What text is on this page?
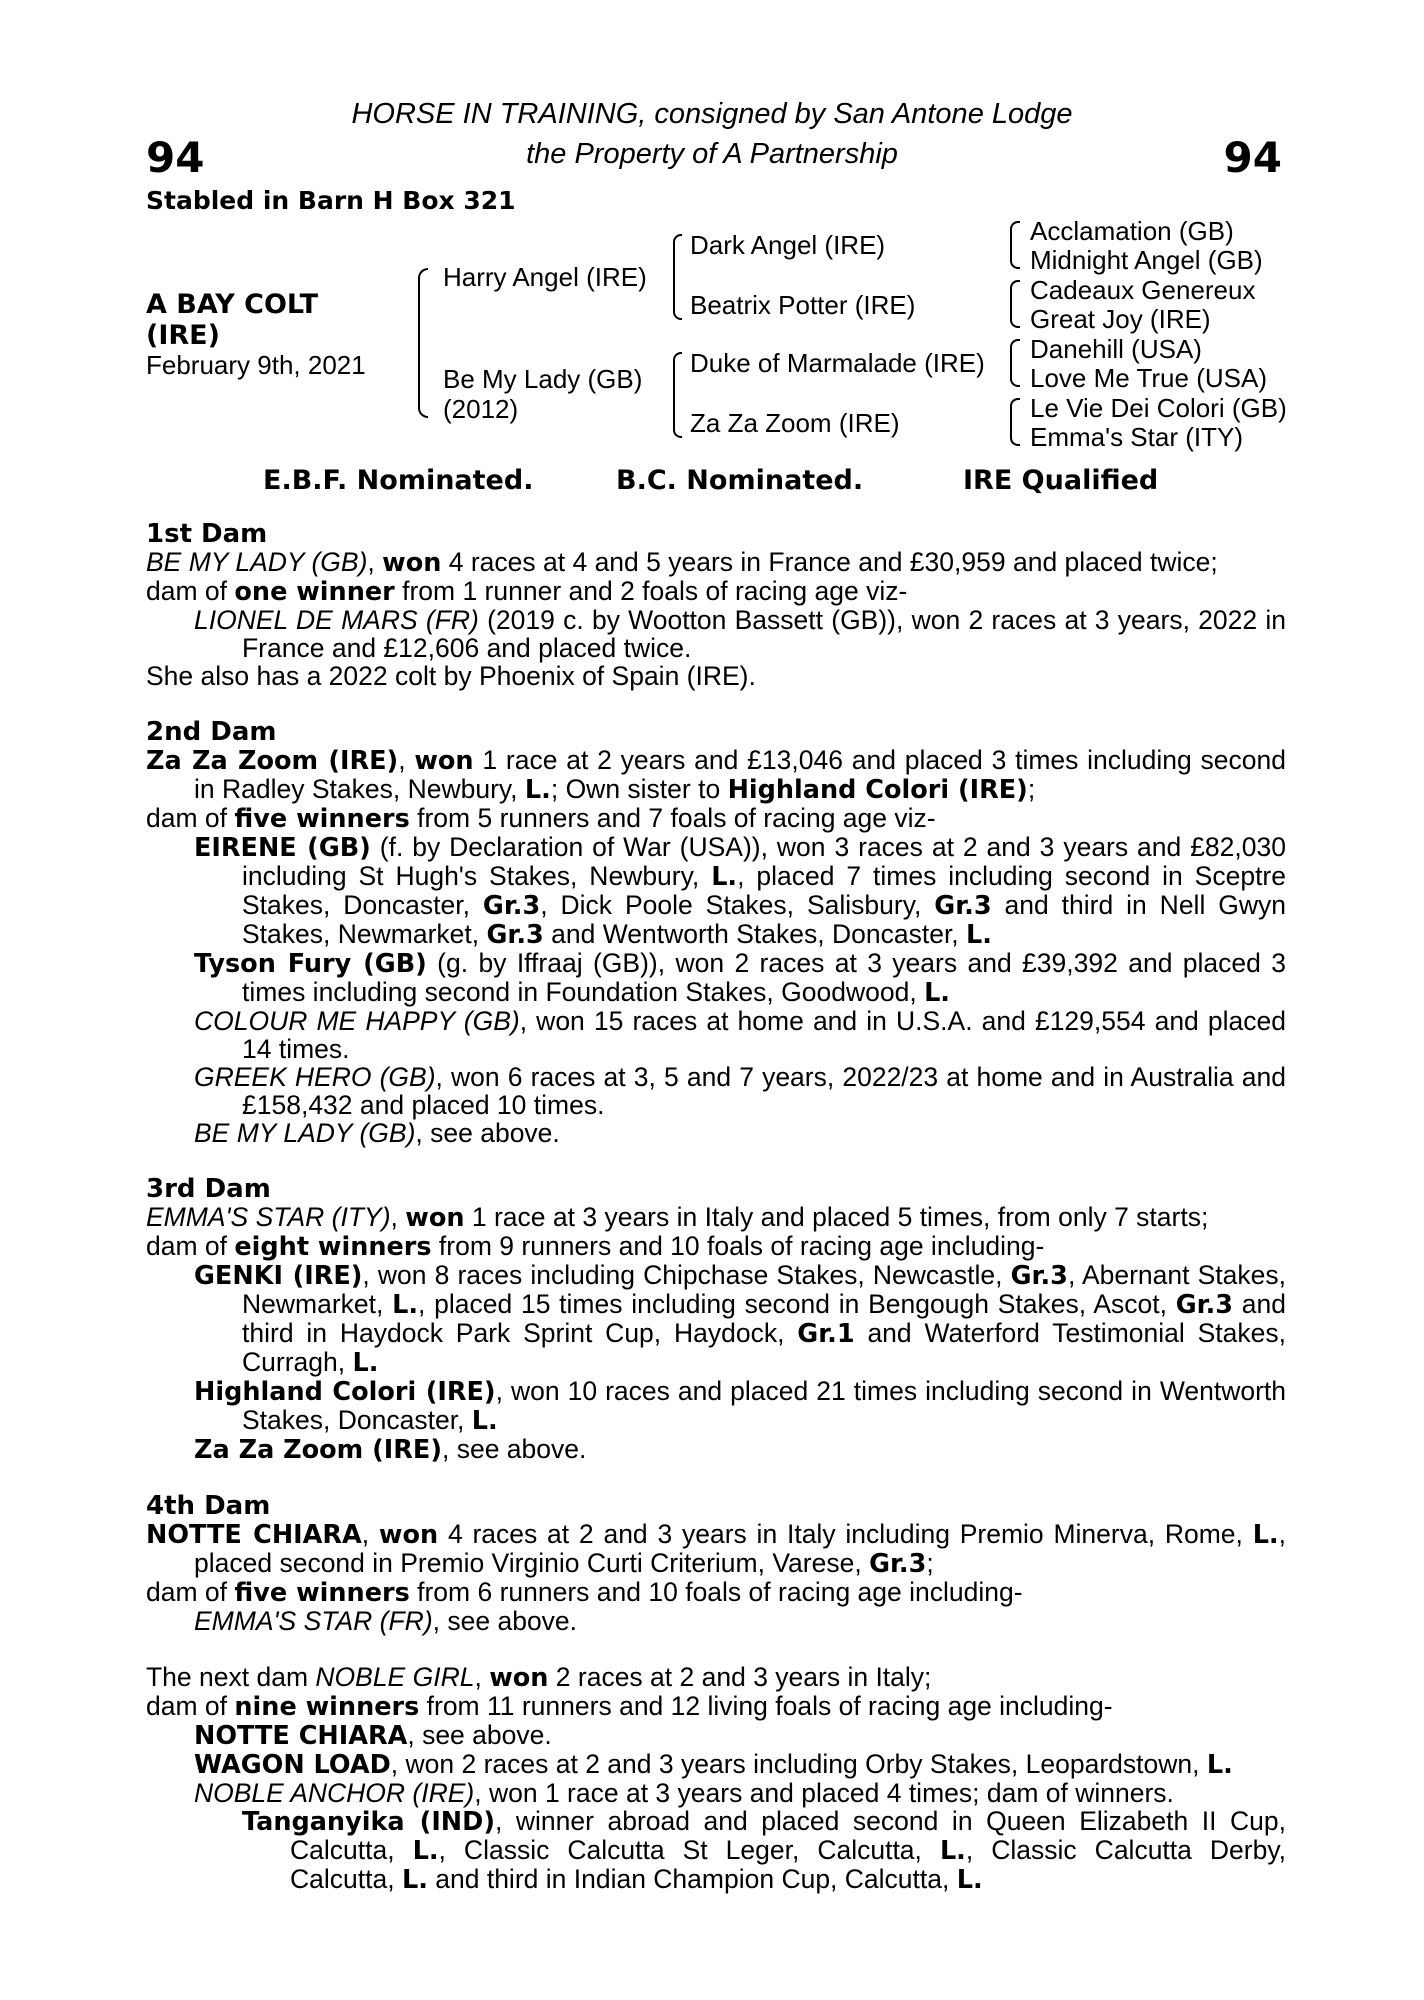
94	94
HORSE IN TRAINING, consigned by San Antone Lodge
the Property of A Partnership
Stabled in Barn H Box 321
A BAY COLT
(IRE)
February 9th, 2021
Harry Angel (IRE)
Be My Lady (GB)
(2012)
Dark Angel (IRE)
Beatrix Potter (IRE)
Duke of Marmalade (IRE)
Za Za Zoom (IRE)
Acclamation (GB)
Midnight Angel (GB)
Cadeaux Genereux
Great Joy (IRE)
Danehill (USA)
Love Me True (USA)
Le Vie Dei Colori (GB)
Emma's Star (ITY)
E.B.F. Nominated.	B.C. Nominated.	IRE Qualified
1st Dam
BE MY LADY (GB), won 4 races at 4 and 5 years in France and £30,959 and placed twice;
dam of one winner from 1 runner and 2 foals of racing age viz-
LIONEL DE MARS (FR) (2019 c. by Wootton Bassett (GB)), won 2 races at 3 years, 2022 in France and £12,606 and placed twice.
She also has a 2022 colt by Phoenix of Spain (IRE).
2nd Dam
Za Za Zoom (IRE), won 1 race at 2 years and £13,046 and placed 3 times including second in Radley Stakes, Newbury, L.; Own sister to Highland Colori (IRE);
dam of five winners from 5 runners and 7 foals of racing age viz-
EIRENE (GB) (f. by Declaration of War (USA)), won 3 races at 2 and 3 years and £82,030 including St Hugh's Stakes, Newbury, L., placed 7 times including second in Sceptre Stakes, Doncaster, Gr.3, Dick Poole Stakes, Salisbury, Gr.3 and third in Nell Gwyn Stakes, Newmarket, Gr.3 and Wentworth Stakes, Doncaster, L.
Tyson Fury (GB) (g. by Iffraaj (GB)), won 2 races at 3 years and £39,392 and placed 3 times including second in Foundation Stakes, Goodwood, L.
COLOUR ME HAPPY (GB), won 15 races at home and in U.S.A. and £129,554 and placed 14 times.
GREEK HERO (GB), won 6 races at 3, 5 and 7 years, 2022/23 at home and in Australia and £158,432 and placed 10 times.
BE MY LADY (GB), see above.
3rd Dam
EMMA'S STAR (ITY), won 1 race at 3 years in Italy and placed 5 times, from only 7 starts;
dam of eight winners from 9 runners and 10 foals of racing age including-
GENKI (IRE), won 8 races including Chipchase Stakes, Newcastle, Gr.3, Abernant Stakes, Newmarket, L., placed 15 times including second in Bengough Stakes, Ascot, Gr.3 and third in Haydock Park Sprint Cup, Haydock, Gr.1 and Waterford Testimonial Stakes, Curragh, L.
Highland Colori (IRE), won 10 races and placed 21 times including second in Wentworth Stakes, Doncaster, L.
Za Za Zoom (IRE), see above.
4th Dam
NOTTE CHIARA, won 4 races at 2 and 3 years in Italy including Premio Minerva, Rome, L., placed second in Premio Virginio Curti Criterium, Varese, Gr.3;
dam of five winners from 6 runners and 10 foals of racing age including-
EMMA'S STAR (FR), see above.
The next dam NOBLE GIRL, won 2 races at 2 and 3 years in Italy;
dam of nine winners from 11 runners and 12 living foals of racing age including-
NOTTE CHIARA, see above.
WAGON LOAD, won 2 races at 2 and 3 years including Orby Stakes, Leopardstown, L.
NOBLE ANCHOR (IRE), won 1 race at 3 years and placed 4 times; dam of winners.
Tanganyika (IND), winner abroad and placed second in Queen Elizabeth II Cup, Calcutta, L., Classic Calcutta St Leger, Calcutta, L., Classic Calcutta Derby, Calcutta, L. and third in Indian Champion Cup, Calcutta, L.
